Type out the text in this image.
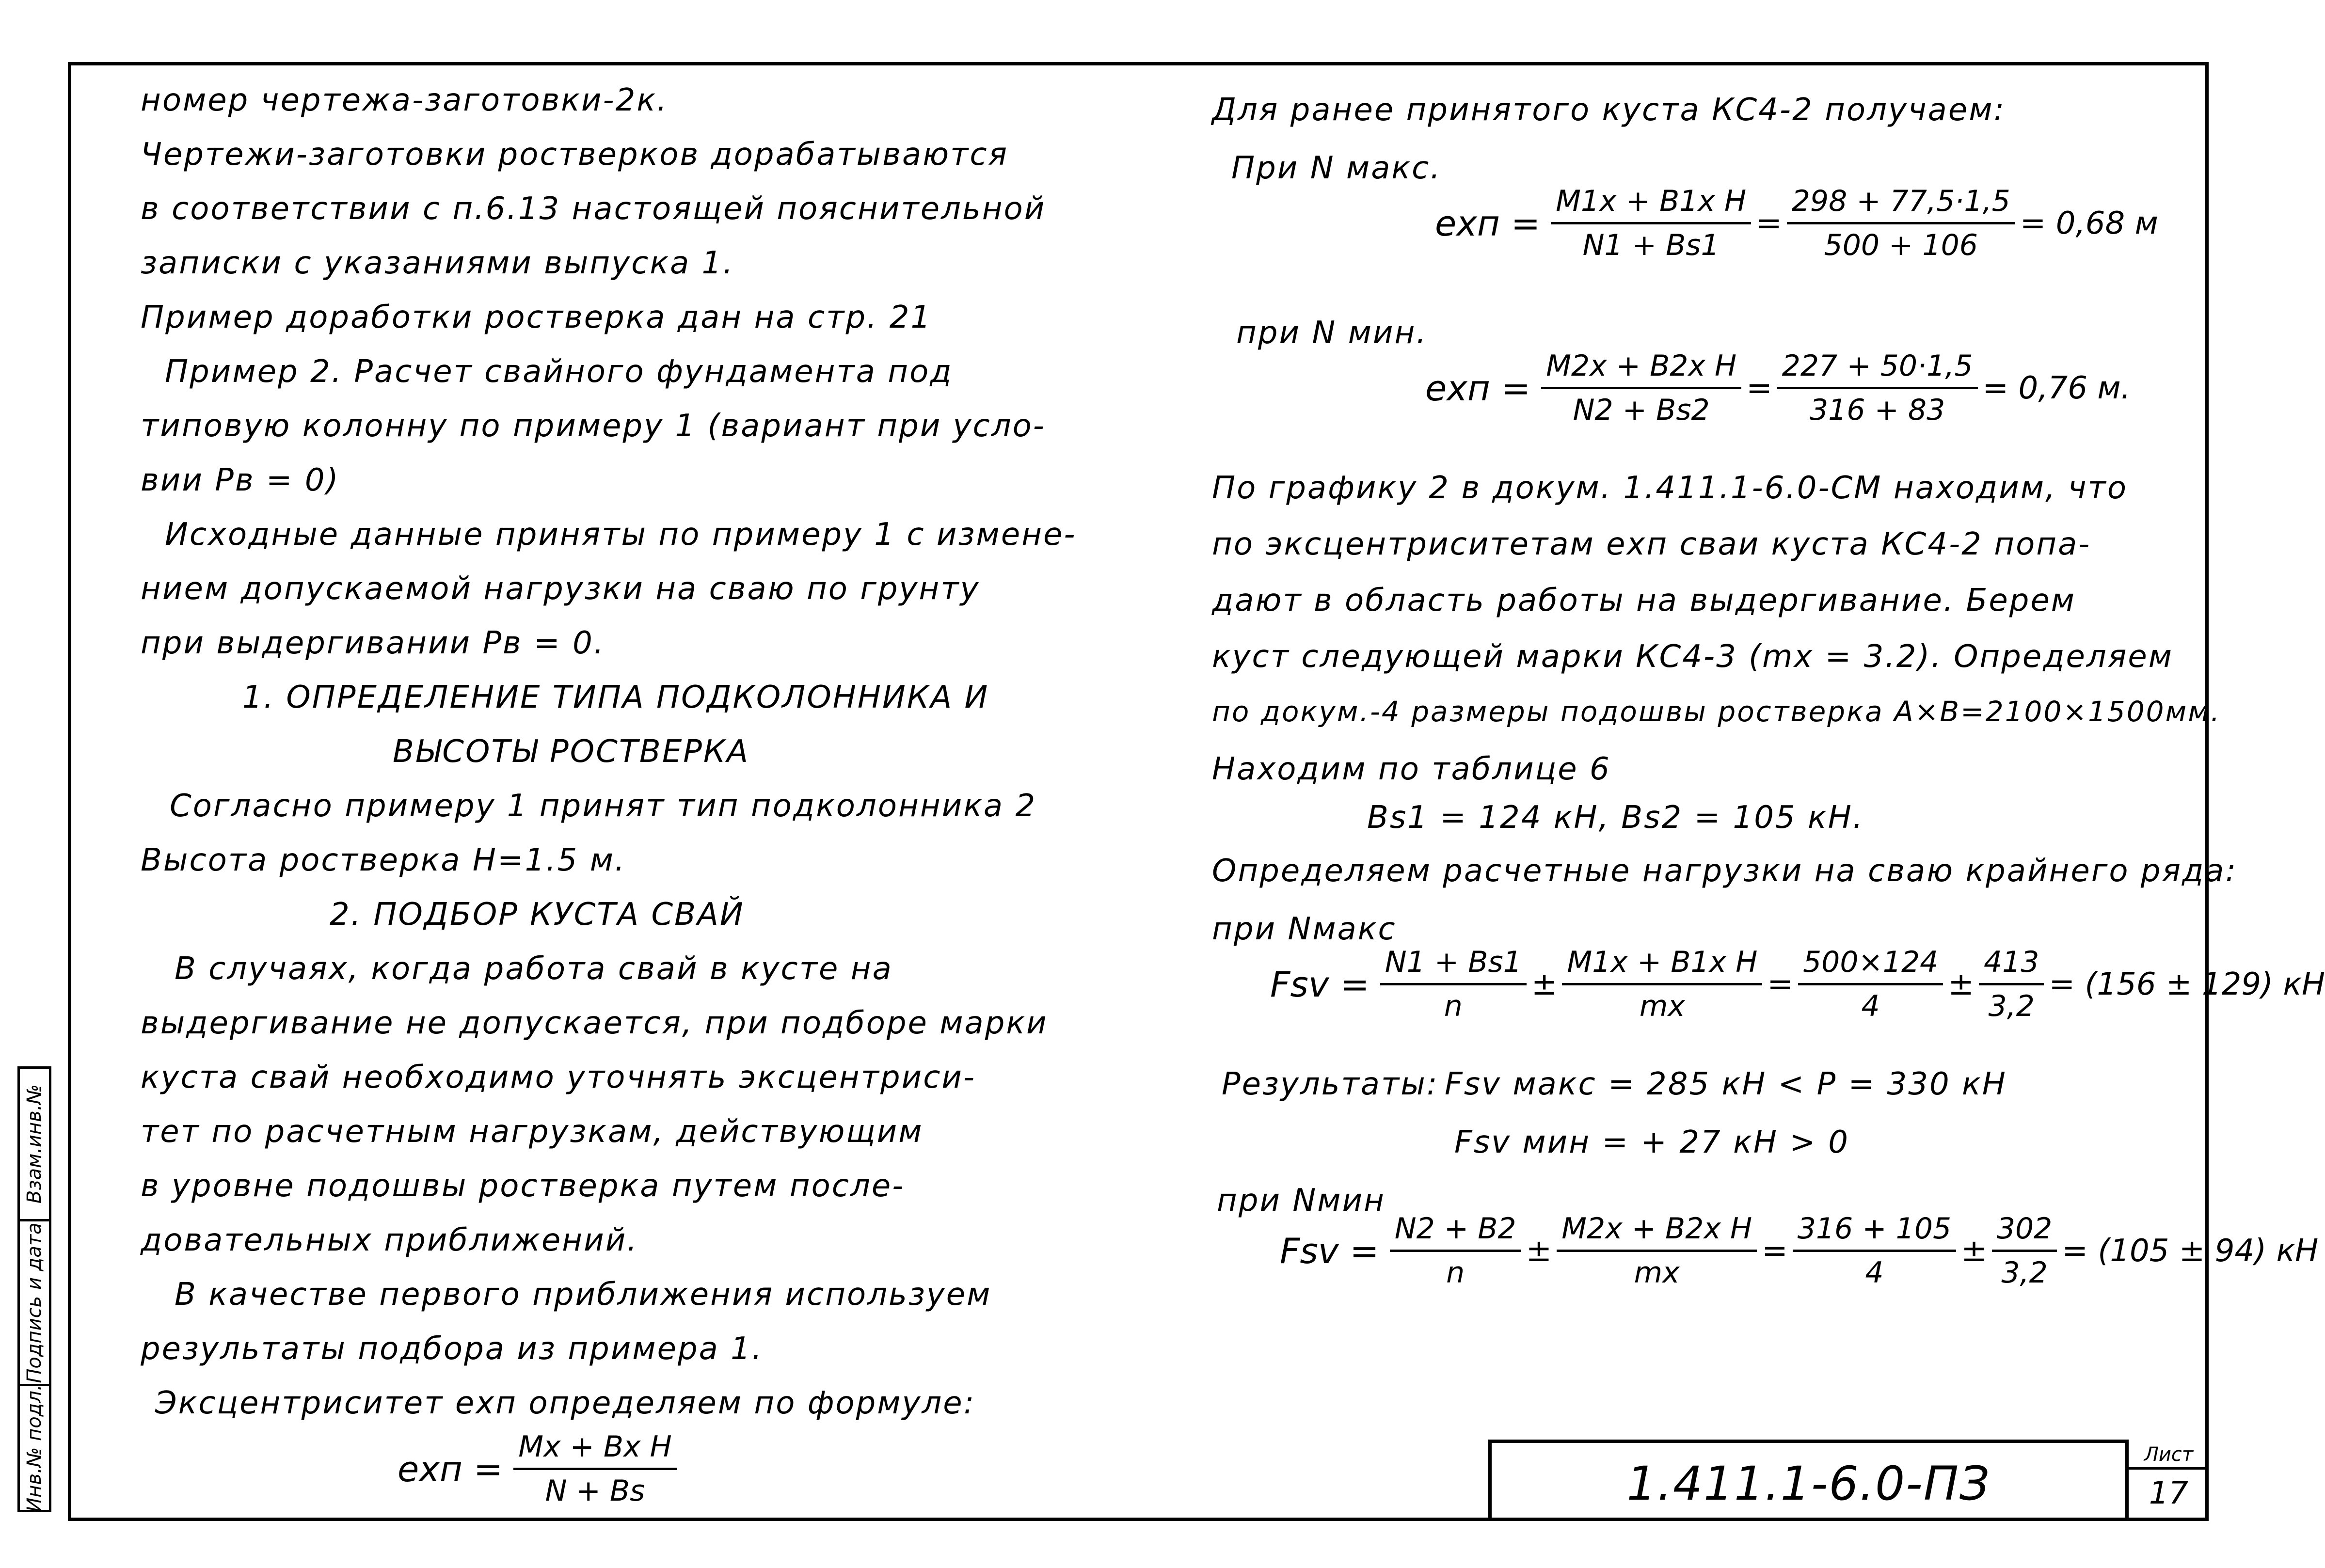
номер чертежа-заготовки-2к.
Чертежи-заготовки ростверков дорабатываются
в соответствии с п.6.13 настоящей пояснительной
записки с указаниями выпуска 1.
Пример доработки ростверка дан на стр. 21
Пример 2. Расчет свайного фундамента под
типовую колонну по примеру 1 (вариант при усло-
вии Pв = 0)
Исходные данные приняты по примеру 1 с измене-
нием допускаемой нагрузки на сваю по грунту
при выдергивании Pв = 0.
1. ОПРЕДЕЛЕНИЕ ТИПА ПОДКОЛОННИКА И
ВЫСОТЫ РОСТВЕРКА
Согласно примеру 1 принят тип подколонника 2
Высота ростверка H=1.5 м.
2. ПОДБОР КУСТА СВАЙ
В случаях, когда работа свай в кусте на
выдергивание не допускается, при подборе марки
куста свай необходимо уточнять эксцентриси-
тет по расчетным нагрузкам, действующим
в уровне подошвы ростверка путем после-
довательных приближений.
В качестве первого приближения используем
результаты подбора из примера 1.
Эксцентриситет eхп определяем по формуле:
eхп = $\frac{\text{Mx + Bx H}}{N + Bs}$
Для ранее принятого куста КС4-2 получаем:
При N макс.
eхп = $\frac{\text{M1x + B1x H}}{N1 + Bs1} = \frac{298 + 77,5\cdot 1,5}{500 + 106} = 0,68$ м
при N мин.
eхп = $\frac{\text{M2x + B2x H}}{N2 + Bs2} = \frac{227 + 50\cdot 1,5}{316 + 83} = 0,76$ м.
По графику 2 в докум. 1.411.1-6.0-СМ находим, что
по эксцентриситетам eхп сваи куста КС4-2 попа-
дают в область работы на выдергивание. Берем
куст следующей марки КС4-3 (mx = 3.2). Определяем
по докум.-4 размеры подошвы ростверка A×B=2100×1500мм.
Находим по таблице 6
Bs1 = 124 кН, Bs2 = 105 кН.
Определяем расчетные нагрузки на сваю крайнего ряда:
при Nмакс
Fsv = $\frac{N1 + Bs1}{n} \pm \frac{\text{M1x + B1x H}}{mx} = \frac{500\times 124}{4} \pm \frac{413}{3,2} = (156 \pm 129)$ кН
Результаты: Fsv макс = 285 кН < P = 330 кН
Fsv мин = + 27 кН > 0
при Nмин
Fsv = $\frac{N2 + B2}{n} \pm \frac{\text{M2x + B2x H}}{mx} = \frac{316 + 105}{4} \pm \frac{302}{3,2} = (105 \pm 94)$ кН
Взам.инв.№
Подпись и дата
Инв.№ подл.	1.411.1-6.0-ПЗ
Лист
17
